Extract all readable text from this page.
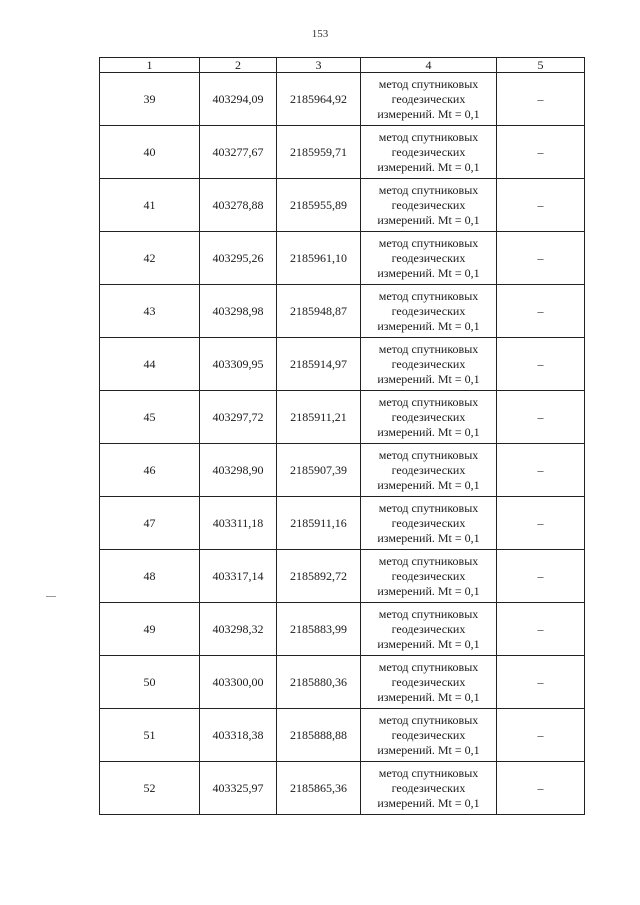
153
1	2	3	4	5
39	403294,09	2185964,92	метод спутниковых
геодезических
измерений. Mt = 0,1	–
40	403277,67	2185959,71	метод спутниковых
геодезических
измерений. Mt = 0,1	–
41	403278,88	2185955,89	метод спутниковых
геодезических
измерений. Mt = 0,1	–
42	403295,26	2185961,10	метод спутниковых
геодезических
измерений. Mt = 0,1	–
43	403298,98	2185948,87	метод спутниковых
геодезических
измерений. Mt = 0,1	–
44	403309,95	2185914,97	метод спутниковых
геодезических
измерений. Mt = 0,1	–
45	403297,72	2185911,21	метод спутниковых
геодезических
измерений. Mt = 0,1	–
46	403298,90	2185907,39	метод спутниковых
геодезических
измерений. Mt = 0,1	–
47	403311,18	2185911,16	метод спутниковых
геодезических
измерений. Mt = 0,1	–
48	403317,14	2185892,72	метод спутниковых
геодезических
измерений. Mt = 0,1	–
49	403298,32	2185883,99	метод спутниковых
геодезических
измерений. Mt = 0,1	–
50	403300,00	2185880,36	метод спутниковых
геодезических
измерений. Mt = 0,1	–
51	403318,38	2185888,88	метод спутниковых
геодезических
измерений. Mt = 0,1	–
52	403325,97	2185865,36	метод спутниковых
геодезических
измерений. Mt = 0,1	–
